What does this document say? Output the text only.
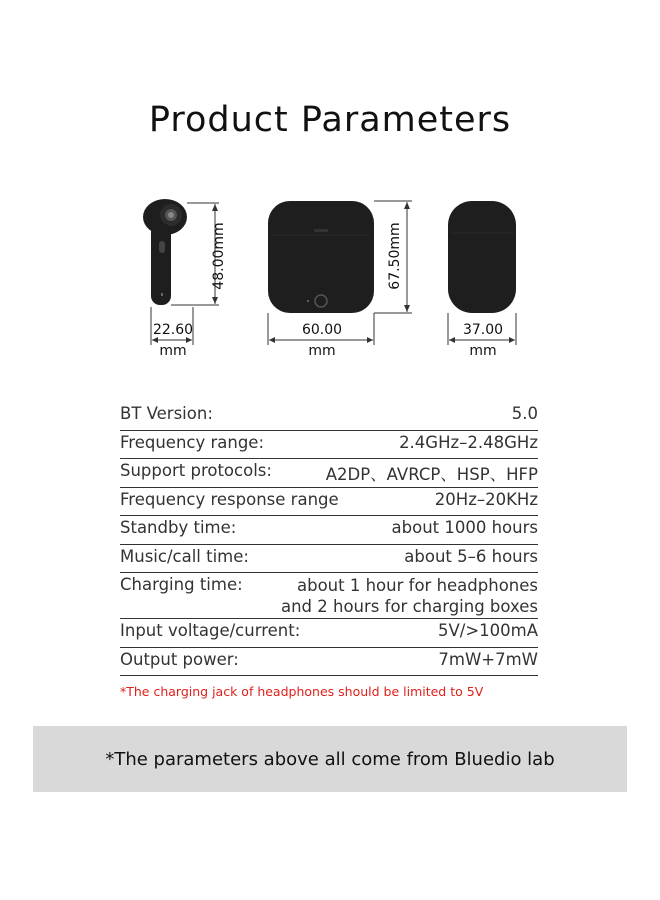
Product Parameters
48.00mm
22.60
mm
67.50mm
60.00
mm
37.00
mm
BT Version:	5.0
Frequency range:	2.4GHz–2.48GHz
Support protocols:	A2DP、AVRCP、HSP、HFP
Frequency response range	20Hz–20KHz
Standby time:	about 1000 hours
Music/call time:	about 5–6 hours
Charging time:	about 1 hour for headphones
and 2 hours for charging boxes
Input voltage/current:	5V/>100mA
Output power:	7mW+7mW
*The charging jack of headphones should be limited to 5V
*The parameters above all come from Bluedio lab
